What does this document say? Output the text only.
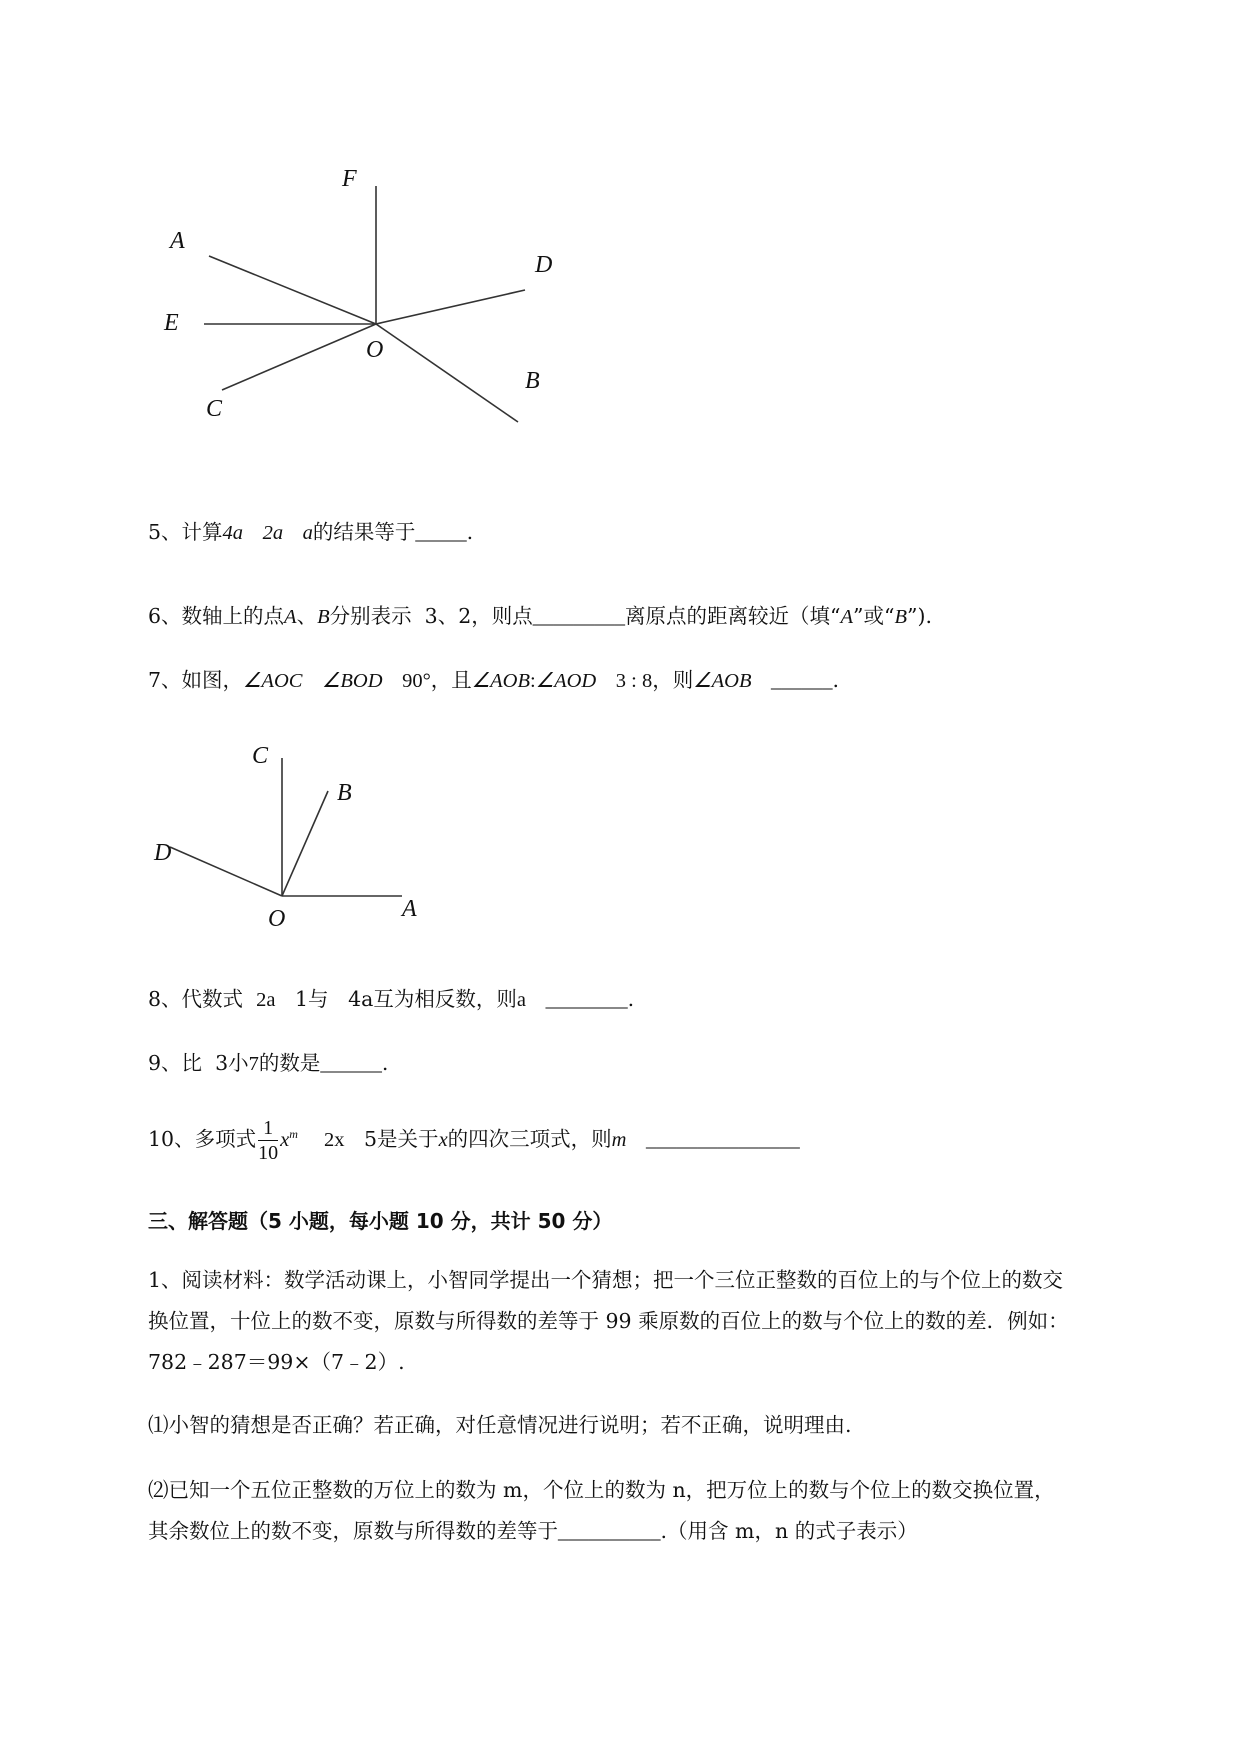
F
A
D
E
O
B
C
5、计算4a 2a a的结果等于_____.
6、数轴上的点A、B分别表示 3、2，则点_________离原点的距离较近（填“A”或“B”).
7、如图，∠AOC ∠BOD 90°，且∠AOB:∠AOD 3 : 8，则∠AOB ______.
C
B
D
O	A
8、代数式 2a 1与 4a互为相反数，则a ________.
9、比 3小7的数是______.
10、多项式 $\frac{1}{10} x^m$ 2x 5是关于x的四次三项式，则m _______________
三、解答题（5 小题，每小题 10 分，共计 50 分）
1、阅读材料：数学活动课上，小智同学提出一个猜想；把一个三位正整数的百位上的与个位上的数交
换位置，十位上的数不变，原数与所得数的差等于 99 乘原数的百位上的数与个位上的数的差．例如：
782﹣287＝99×（7﹣2）.
⑴小智的猜想是否正确？若正确，对任意情况进行说明；若不正确，说明理由.
⑵已知一个五位正整数的万位上的数为 m，个位上的数为 n，把万位上的数与个位上的数交换位置，
其余数位上的数不变，原数与所得数的差等于__________.（用含 m，n 的式子表示）
